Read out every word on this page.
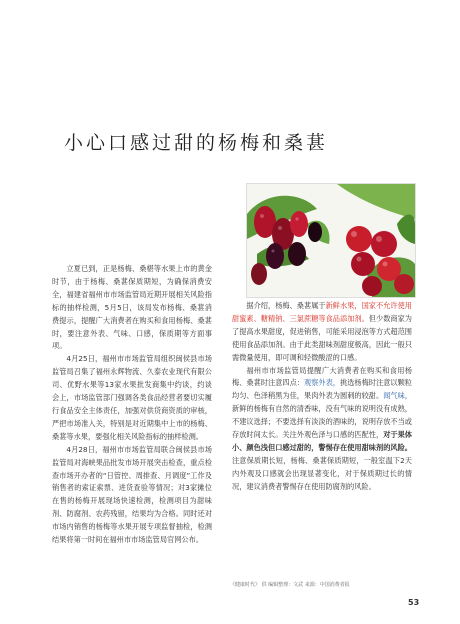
小心口感过甜的杨梅和桑葚

立夏已到，正是杨梅、桑椹等水果上市的黄金时节，由于杨梅、桑葚保质期短，为确保消费安全，福建省福州市市场监管局近期开展相关风险指标的抽样检测，5月5日，该局发布杨梅、桑葚消费提示，提醒广大消费者在购买和食用杨梅、桑葚时，要注意外表、气味、口感，保质期等方面事项。

4月25日，福州市市场监管局组织闽侯县市场监管局召集了福州永辉物流、久泰农业现代有限公司、优野水果等13家水果批发商集中约谈，约谈会上，市场监管部门强调各类食品经营者要切实履行食品安全主体责任，加强对供货商资质的审核，严把市场准入关，特别是对近期集中上市的杨梅、桑葚等水果，要强化相关风险指标的抽样检测。

4月28日，福州市市场监管局联合闽侯县市场监管局对海峡果品批发市场开展突击检查，重点检查市场开办者的“日管控、周排查、月调度”工作及销售者的索证索票、进货查验等情况；对3家摊位在售的杨梅开展现场快速检测，检测项目为甜味剂、防腐剂、农药残留，结果均为合格。同时还对市场内销售的杨梅等水果开展专项监督抽检，检测结果将第一时间在福州市市场监管局官网公布。

据介绍，杨梅、桑葚属于新鲜水果，国家不允许使用甜蜜素、糖精钠、三氯蔗糖等食品添加剂。但少数商家为了提高水果甜度，促进销售，可能采用浸泡等方式超范围使用食品添加剂。由于此类甜味剂甜度极高，因此一般只需微量使用，即可调和轻微酸涩的口感。

福州市市场监管局提醒广大消费者在购买和食用杨梅、桑葚时注意四点：观察外表，挑选杨梅时注意以颗粒均匀、色泽稍黑为佳，果肉外表为圆刺的较甜。闻气味，新鲜的杨梅有自然的清香味，没有气味的说明没有成熟，不建议选择；不要选择有淡淡的酒味的，说明存放不当或存放时间太长。关注外观色泽与口感的匹配性，对于果体小、颜色浅但口感过甜的，警惕存在使用甜味剂的风险。注意保质期长短，杨梅、桑葚保质期短，一般室温下2天内外观及口感就会出现显著变化，对于保质期过长的情况，建议消费者警惕存在使用防腐剂的风险。

《健康时代》 供 编辑整理：文武 来源：中国消费者报
53
